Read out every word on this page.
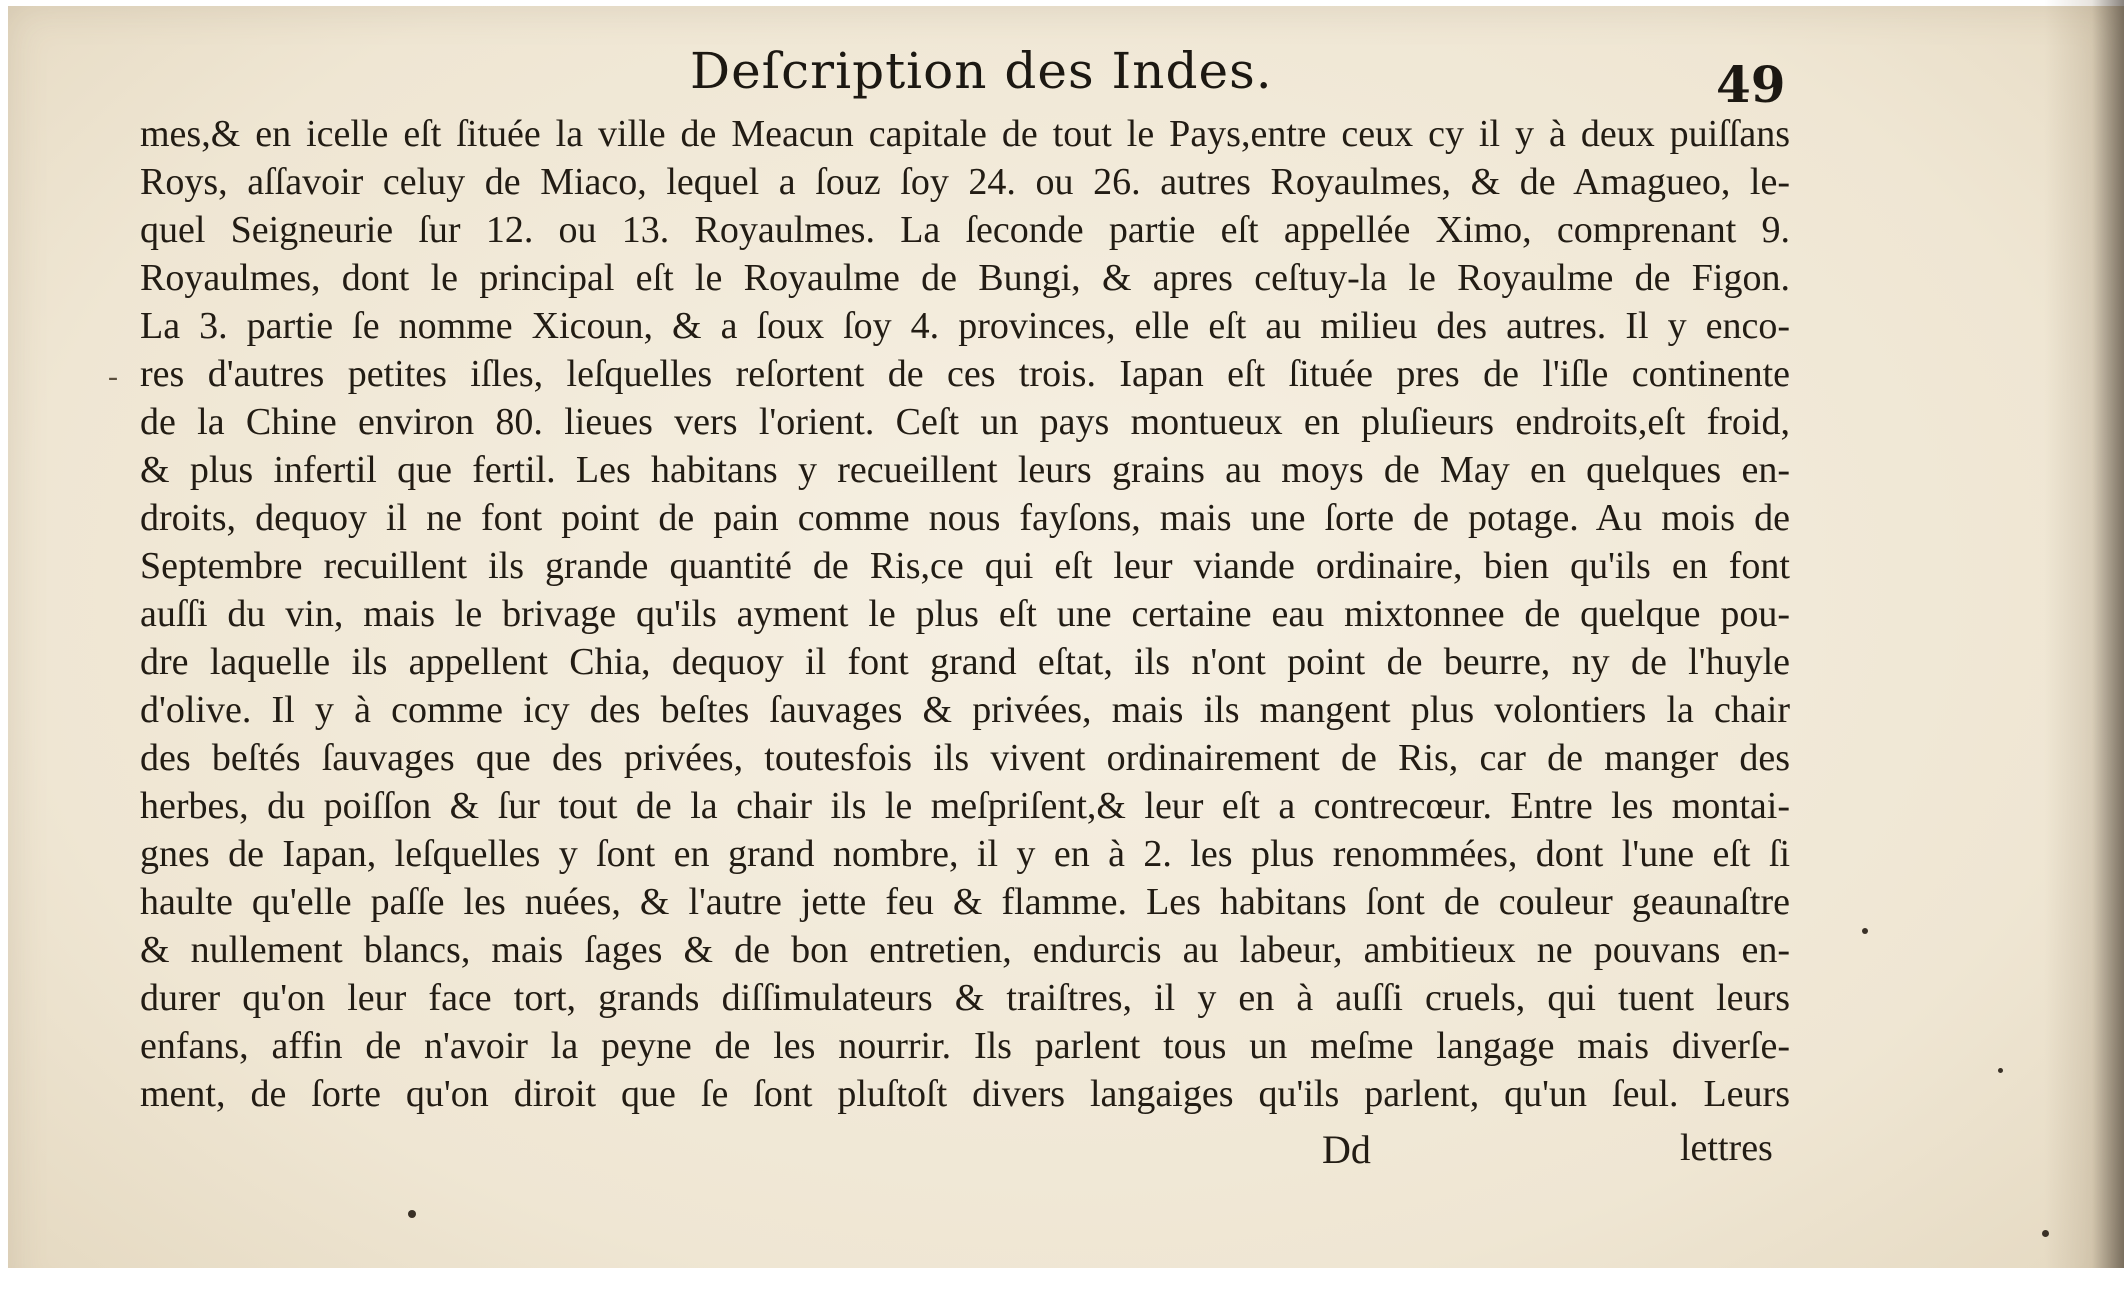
Deſcription des Indes.	49
-
mes,& en icelle eſt ſituée la ville de Meacun capitale de tout le Pays,entre ceux cy il y à deux puiſſans
Roys, aſſavoir celuy de Miaco, lequel a ſouz ſoy 24. ou 26. autres Royaulmes, & de Amagueo, le-
quel Seigneurie ſur 12. ou 13. Royaulmes. La ſeconde partie eſt appellée Ximo, comprenant 9.
Royaulmes, dont le principal eſt le Royaulme de Bungi, & apres ceſtuy-la le Royaulme de Figon.
La 3. partie ſe nomme Xicoun, & a ſoux ſoy 4. provinces, elle eſt au milieu des autres. Il y enco-
res d'autres petites iſles, leſquelles reſortent de ces trois. Iapan eſt ſituée pres de l'iſle continente
de la Chine environ 80. lieues vers l'orient. Ceſt un pays montueux en pluſieurs endroits,eſt froid,
& plus infertil que fertil. Les habitans y recueillent leurs grains au moys de May en quelques en-
droits, dequoy il ne font point de pain comme nous fayſons, mais une ſorte de potage. Au mois de
Septembre recuillent ils grande quantité de Ris,ce qui eſt leur viande ordinaire, bien qu'ils en font
auſſi du vin, mais le brivage qu'ils ayment le plus eſt une certaine eau mixtonnee de quelque pou-
dre laquelle ils appellent Chia, dequoy il font grand eſtat, ils n'ont point de beurre, ny de l'huyle
d'olive. Il y à comme icy des beſtes ſauvages & privées, mais ils mangent plus volontiers la chair
des beſtés ſauvages que des privées, toutesfois ils vivent ordinairement de Ris, car de manger des
herbes, du poiſſon & ſur tout de la chair ils le meſpriſent,& leur eſt a contrecœur. Entre les montai-
gnes de Iapan, leſquelles y ſont en grand nombre, il y en à 2. les plus renommées, dont l'une eſt ſi
haulte qu'elle paſſe les nuées, & l'autre jette feu & flamme. Les habitans ſont de couleur geaunaſtre
& nullement blancs, mais ſages & de bon entretien, endurcis au labeur, ambitieux ne pouvans en-
durer qu'on leur face tort, grands diſſimulateurs & traiſtres, il y en à auſſi cruels, qui tuent leurs
enfans, affin de n'avoir la peyne de les nourrir. Ils parlent tous un meſme langage mais diverſe-
ment, de ſorte qu'on diroit que ſe ſont pluſtoſt divers langaiges qu'ils parlent, qu'un ſeul. Leurs
Dd	lettres
